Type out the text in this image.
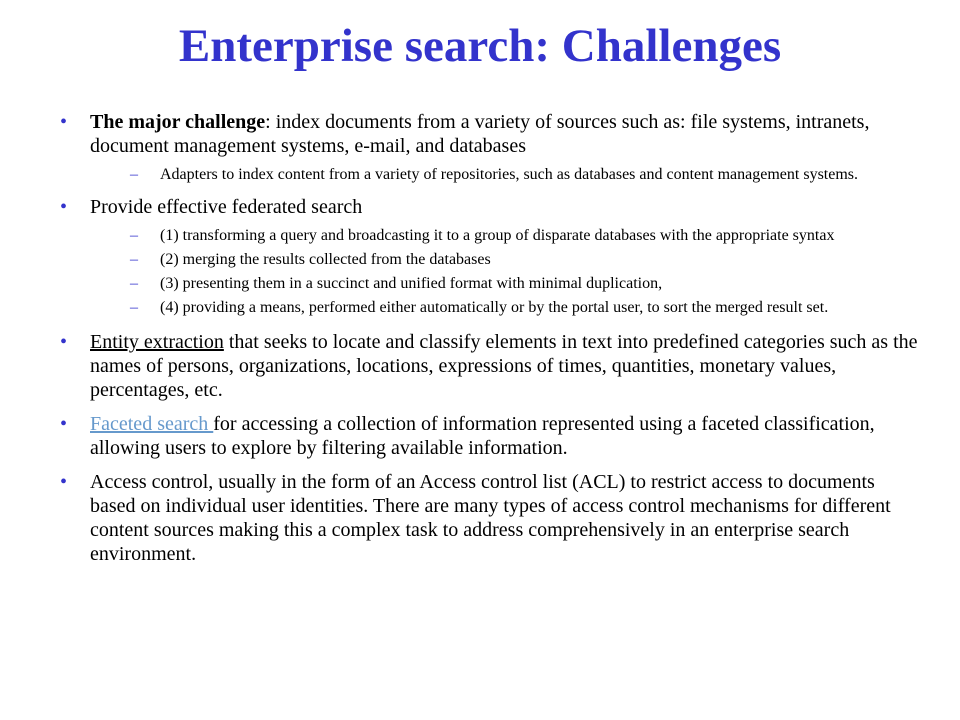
Enterprise search: Challenges
• The major challenge: index documents from a variety of sources such as: file systems, intranets, document management systems, e-mail, and databases
– Adapters to index content from a variety of repositories, such as databases and content management systems.
• Provide effective federated search
– (1) transforming a query and broadcasting it to a group of disparate databases with the appropriate syntax
– (2) merging the results collected from the databases
– (3) presenting them in a succinct and unified format with minimal duplication,
– (4) providing a means, performed either automatically or by the portal user, to sort the merged result set.
• Entity extraction that seeks to locate and classify elements in text into predefined categories such as the names of persons, organizations, locations, expressions of times, quantities, monetary values, percentages, etc.
• Faceted search for accessing a collection of information represented using a faceted classification, allowing users to explore by filtering available information.
• Access control, usually in the form of an Access control list (ACL) to restrict access to documents based on individual user identities. There are many types of access control mechanisms for different content sources making this a complex task to address comprehensively in an enterprise search environment.
